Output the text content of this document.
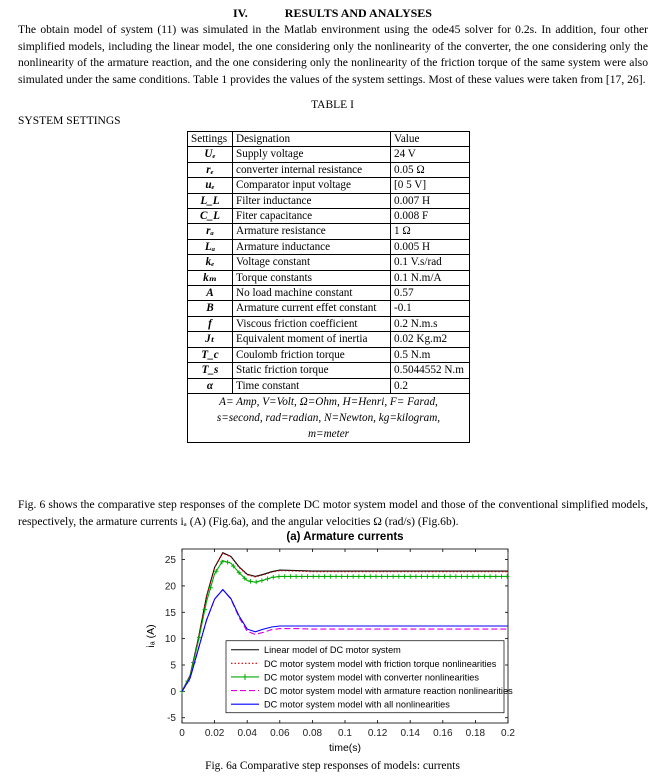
IV.	RESULTS AND ANALYSES
The obtain model of system (11) was simulated in the Matlab environment using the ode45 solver for 0.2s. In addition, four other simplified models, including the linear model, the one considering only the nonlinearity of the converter, the one considering only the nonlinearity of the armature reaction, and the one considering only the nonlinearity of the friction torque of the same system were also simulated under the same conditions. Table 1 provides the values of the system settings. Most of these values were taken from [17, 26].
TABLE I
SYSTEM SETTINGS
Settings	Designation	Value
Uₑ	Supply voltage	24 V
rₑ	converter internal resistance	0.05 Ω
uₑ	Comparator input voltage	[0 5 V]
L_L	Filter inductance	0.007 H
C_L	Fiter capacitance	0.008 F
rₐ	Armature resistance	1 Ω
Lₐ	Armature inductance	0.005 H
kₑ	Voltage constant	0.1 V.s/rad
kₘ	Torque constants	0.1 N.m/A
A	No load machine constant	0.57
B	Armature current effet constant	-0.1
f	Viscous friction coefficient	0.2 N.m.s
Jₜ	Equivalent moment of inertia	0.02 Kg.m2
T_c	Coulomb friction torque	0.5 N.m
T_s	Static friction torque	0.5044552 N.m
α	Time constant	0.2

A= Amp, V=Volt, Ω=Ohm, H=Henri, F= Farad,
s=second, rad=radian, N=Newton, kg=kilogram,
m=meter		
Fig. 6 shows the comparative step responses of the complete DC motor system model and those of the conventional simplified models, respectively, the armature currents iₐ (A) (Fig.6a), and the angular velocities Ω (rad/s) (Fig.6b).
(a) Armature currents
0 0.02 0.04 0.06 0.08 0.1 0.12 0.14 0.16 0.18 0.2
-5
0
5
10
15
20
25
time(s)
iₐ (A)
Linear model of DC motor system
DC motor system model with friction torque nonlinearities
DC motor system model with converter nonlinearities
DC motor system model with armature reaction nonlinearities
DC motor system model with all nonlinearities
Fig. 6a Comparative step responses of models: currents
